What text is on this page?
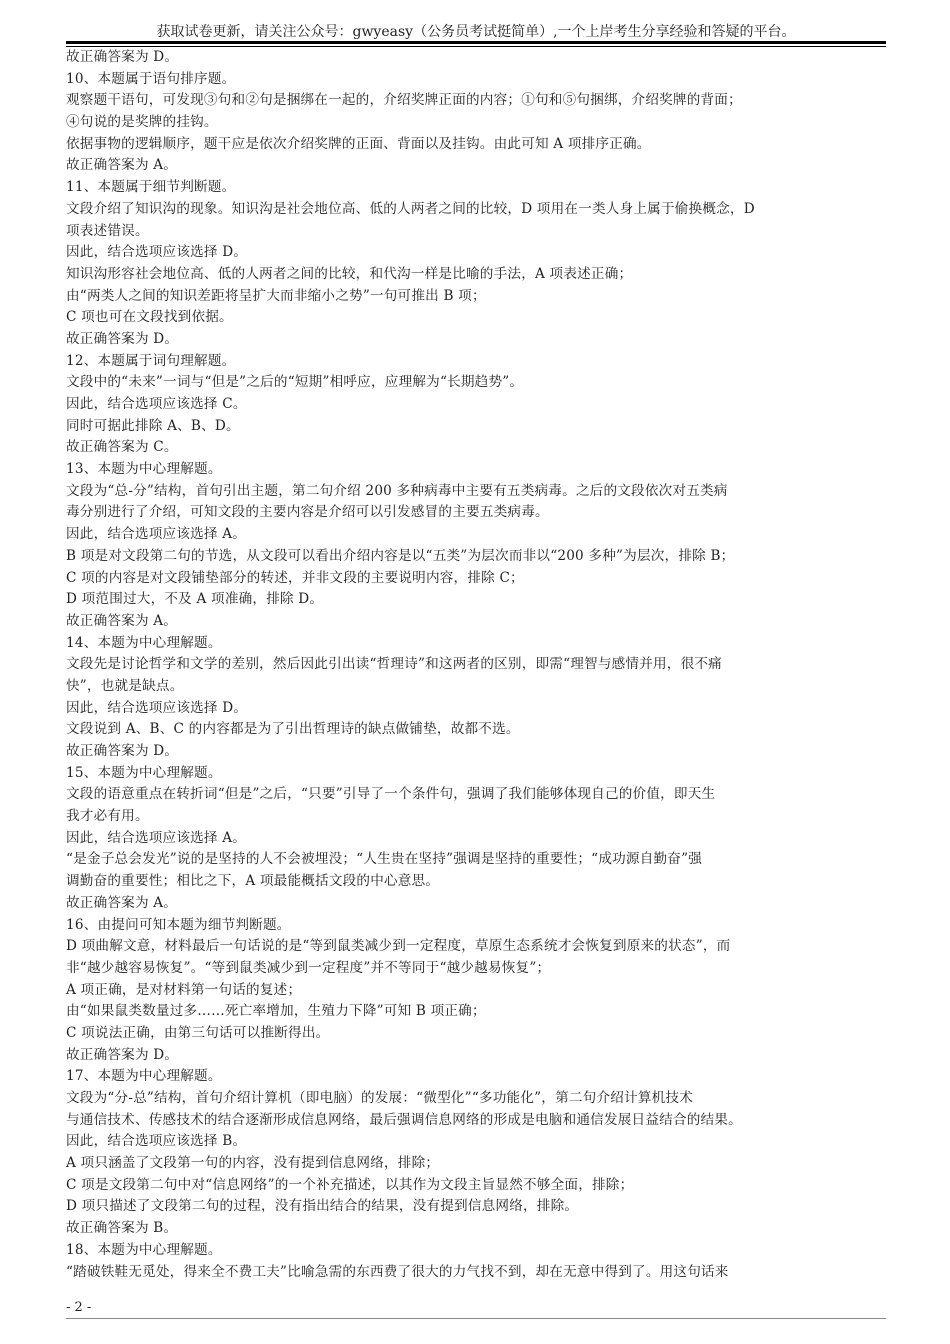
获取试卷更新，请关注公众号：gwyeasy（公务员考试挺简单）,一个上岸考生分享经验和答疑的平台。
故正确答案为 D。
10、本题属于语句排序题。
观察题干语句，可发现③句和②句是捆绑在一起的，介绍奖牌正面的内容；①句和⑤句捆绑，介绍奖牌的背面；
④句说的是奖牌的挂钩。
依据事物的逻辑顺序，题干应是依次介绍奖牌的正面、背面以及挂钩。由此可知 A 项排序正确。
故正确答案为 A。
11、本题属于细节判断题。
文段介绍了知识沟的现象。知识沟是社会地位高、低的人两者之间的比较，D 项用在一类人身上属于偷换概念，D
项表述错误。
因此，结合选项应该选择 D。
知识沟形容社会地位高、低的人两者之间的比较，和代沟一样是比喻的手法，A 项表述正确；
由“两类人之间的知识差距将呈扩大而非缩小之势”一句可推出 B 项；
C 项也可在文段找到依据。
故正确答案为 D。
12、本题属于词句理解题。
文段中的“未来”一词与“但是”之后的“短期”相呼应，应理解为“长期趋势”。
因此，结合选项应该选择 C。
同时可据此排除 A、B、D。
故正确答案为 C。
13、本题为中心理解题。
文段为“总-分”结构，首句引出主题，第二句介绍 200 多种病毒中主要有五类病毒。之后的文段依次对五类病
毒分别进行了介绍，可知文段的主要内容是介绍可以引发感冒的主要五类病毒。
因此，结合选项应该选择 A。
B 项是对文段第二句的节选，从文段可以看出介绍内容是以“五类”为层次而非以“200 多种”为层次，排除 B；
C 项的内容是对文段铺垫部分的转述，并非文段的主要说明内容，排除 C；
D 项范围过大，不及 A 项准确，排除 D。
故正确答案为 A。
14、本题为中心理解题。
文段先是讨论哲学和文学的差别，然后因此引出读“哲理诗”和这两者的区别，即需“理智与感情并用，很不痛
快”，也就是缺点。
因此，结合选项应该选择 D。
文段说到 A、B、C 的内容都是为了引出哲理诗的缺点做铺垫，故都不选。
故正确答案为 D。
15、本题为中心理解题。
文段的语意重点在转折词“但是”之后，“只要”引导了一个条件句，强调了我们能够体现自己的价值，即天生
我才必有用。
因此，结合选项应该选择 A。
“是金子总会发光”说的是坚持的人不会被埋没；“人生贵在坚持”强调是坚持的重要性；“成功源自勤奋”强
调勤奋的重要性；相比之下，A 项最能概括文段的中心意思。
故正确答案为 A。
16、由提问可知本题为细节判断题。
D 项曲解文意，材料最后一句话说的是“等到鼠类减少到一定程度，草原生态系统才会恢复到原来的状态”，而
非“越少越容易恢复”。“等到鼠类减少到一定程度”并不等同于“越少越易恢复”；
A 项正确，是对材料第一句话的复述；
由“如果鼠类数量过多……死亡率增加，生殖力下降”可知 B 项正确；
C 项说法正确，由第三句话可以推断得出。
故正确答案为 D。
17、本题为中心理解题。
文段为“分-总”结构，首句介绍计算机（即电脑）的发展：“微型化”“多功能化”，第二句介绍计算机技术
与通信技术、传感技术的结合逐渐形成信息网络，最后强调信息网络的形成是电脑和通信发展日益结合的结果。
因此，结合选项应该选择 B。
A 项只涵盖了文段第一句的内容，没有提到信息网络，排除；
C 项是文段第二句中对“信息网络”的一个补充描述，以其作为文段主旨显然不够全面，排除；
D 项只描述了文段第二句的过程，没有指出结合的结果，没有提到信息网络，排除。
故正确答案为 B。
18、本题为中心理解题。
“踏破铁鞋无觅处，得来全不费工夫”比喻急需的东西费了很大的力气找不到，却在无意中得到了。用这句话来
- 2 -
